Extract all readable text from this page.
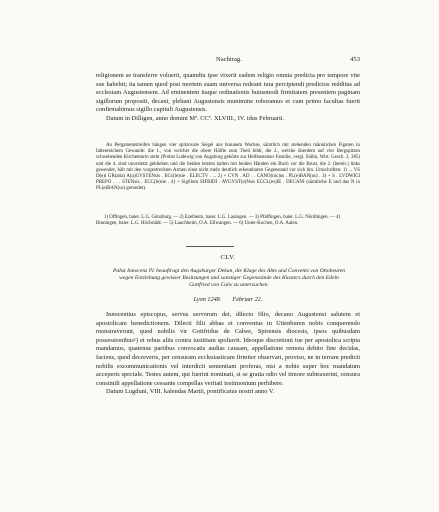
Nachtrag.	453

religionem se transferre voluerit, quamdiu ipse vixerit eadem religio omnia predicta pro tempore vite sue habebit; ita tamen quod post mortem suam universa redeant iura percipiendi predictos redditus ad ecclesiam Augustensem. Ad eminentem itaque ordinationis huiusmodi firmitatem presentem paginam sigillorum propositi, decani, plebani Augustensis muniminе roboramus et cum primo facultas fuerit confirmabimus sigillo capituli Augustensis.

Datum in Dilligen, anno domini Mº. CCº. XLVIII., IV. idus Februarii.

An Pergamentstreifen hängen vier spitzovale Siegel aus braunem Wachse, sämtlich mit stehenden männlichen Figuren in faltenreichem Gewande: die 1., von welcher die obere Hälfte zum Theil fehlt, die 2., welche überdem auf vier Bergspitzen schwebenden Kirchenturm steht (Probst Ludewig von Augsburg gehörte zur Helfensteiner Familie, vergl. Stälin, Wirt. Gesch. 2, 385) und die 4. sind unverletzt geblieben und die beiden letzten halten mit beiden Händen ein Buch vor die Brust, die 2. (bereit.) links gewendet, hält mit den vorgestreckten Armen einst nicht mehr deutlich erkennbaren Gegenstand vor sich hin. Umschriften: 1) ... VS D(e)i GR(atia) A(u)GVSTENsis . ECc(le)sie . ELECTV . ... 2) + CVN . AD . . CANO(nic)us . PL(e)BAN(us) . 3) + S . LVDWICI PREPO . . . STENsis . ECC(le)sie . 4) + Sigillum SIFRIDI . AVGVST(e)Nsis ECCL(es)IE . DECANI (sämtliche E und das N in PL(e)BAN(us) gerundet).

1) Offingen, baier. L.G. Günzburg. — 2) Ezelheim, baier. L.G. Lauingen. — 3) Pfaffingen, baier. L.G. Nördlingen. — 4) Binningen, baier. L.G. Höchstädt. — 5) Lauchheim, O.A. Ellwangen. — 6) Unter-Kochen, O.A. Aalen.

CLV.

Pabst Innocenz IV. beauftragt den Augsburger Dekan, die Klage des Abts und Convents von Ottobeuren wegen Entziehung gewisser Besitzungen und sonstiger Gegenstände des Klosters durch den Edeln Gottfried von Calw zu untersuchen.

Lyon 1248. Februar 22.

Innocentius episcopus, servus servorum dei, dilecto filio, decano Augustensi salutem et apostolicam benedictionem. Dilecti filii abbas et conventus in Uttenburen nobis conquerendo monstraverunt, quod nobilis vir Gottfridus de Calwe, Spirensis diocesis, ipsos quibusdam possessionibus¹) et rebus aliis contra iustitiam spoliavit. Ideoque discretioni tue per apostolica scripta mandamus, quatenus partibus convocatis audias causam, appellatione remota debito fine decidas, faciens, quod decreveris, per censuram ecclesiasticam firmiter observari, proviso, ne in terram predicti nobilis excommunicationis vel interdicti sententiam proferas, nisi a nobis super hoc mandatum acceperis speciale. Testes autem, qui fuerint nominati, si se gratia odio vel timore subtraxerint, censura consimili appellatione cessante compellas veritati testimonium perhibere.

Datum Lugduni, VIII. kalendas Martii, pontificatus nostri anno V.
